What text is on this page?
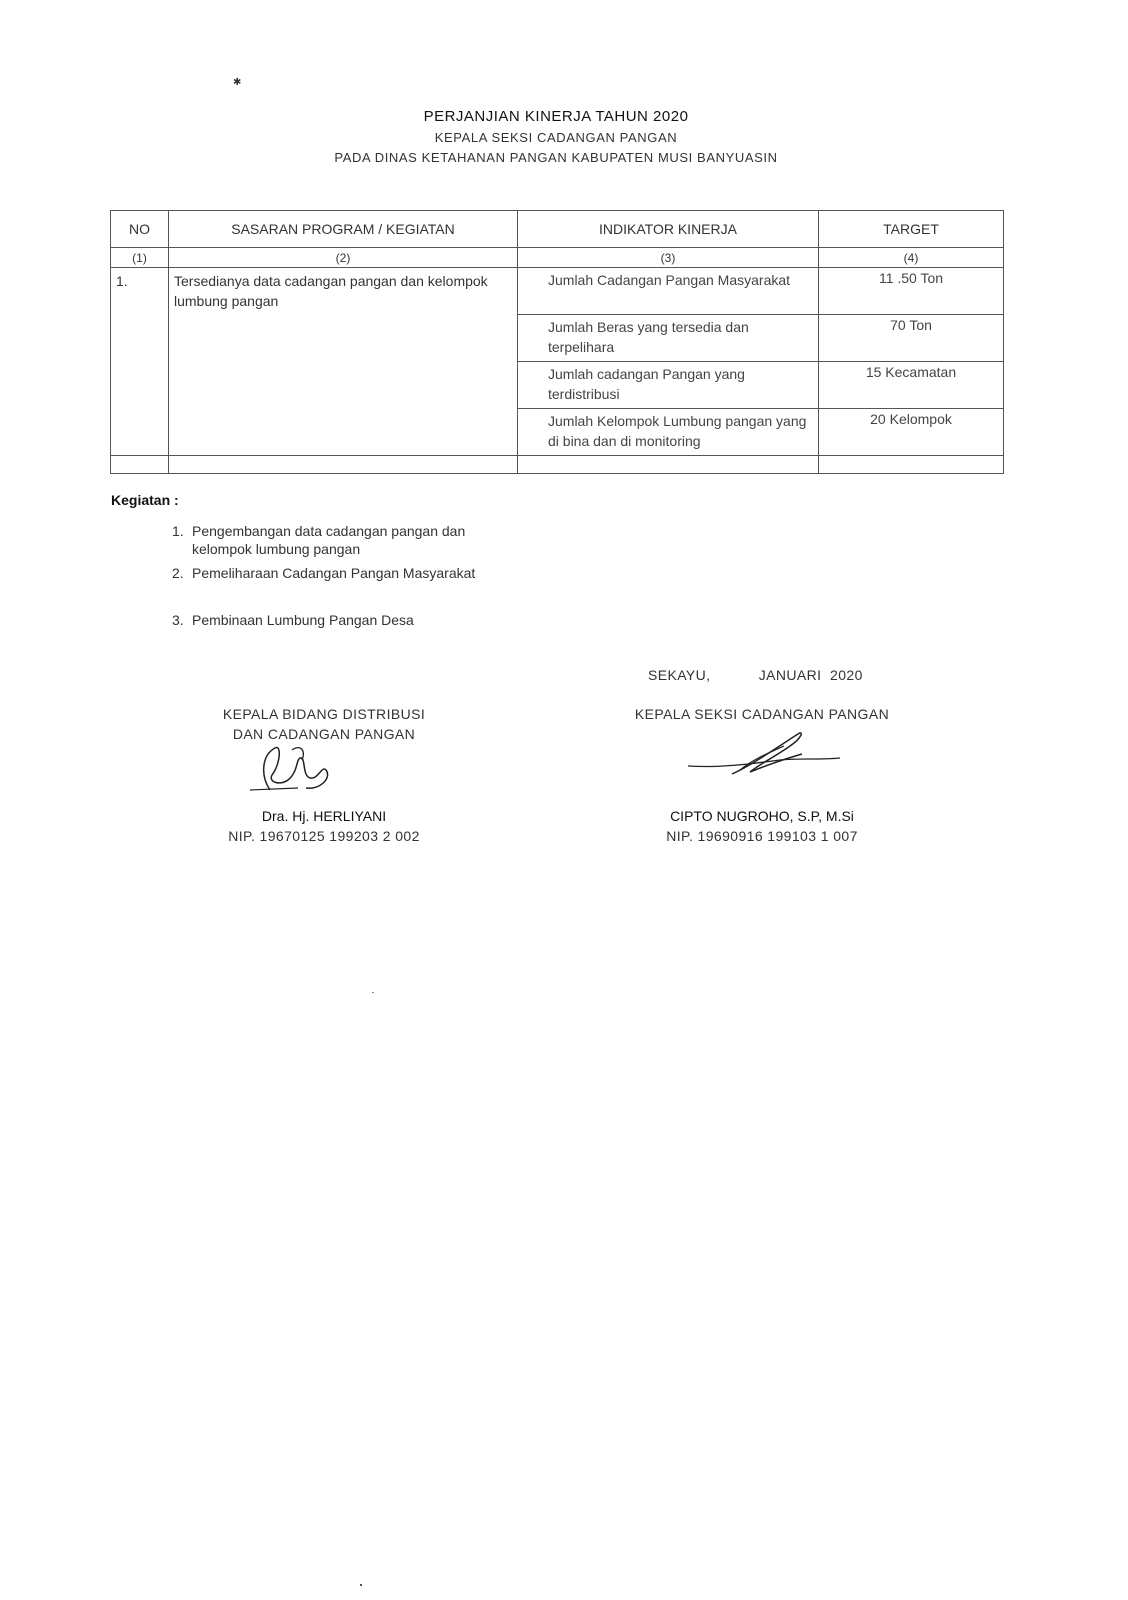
✱
PERJANJIAN KINERJA TAHUN 2020
KEPALA SEKSI CADANGAN PANGAN
PADA DINAS KETAHANAN PANGAN KABUPATEN MUSI BANYUASIN
NO	SASARAN PROGRAM / KEGIATAN	INDIKATOR KINERJA	TARGET
(1)	(2)	(3)	(4)

1.	Tersedianya data cadangan pangan dan kelompok lumbung pangan	Jumlah Cadangan Pangan Masyarakat	11 .50 Ton

		Jumlah Beras yang tersedia dan terpelihara	70 Ton

		Jumlah cadangan Pangan yang terdistribusi	15 Kecamatan

		Jumlah Kelompok Lumbung pangan yang di bina dan di monitoring	20 Kelompok

Kegiatan :
1. Pengembangan data cadangan pangan dan
kelompok lumbung pangan
2. Pemeliharaan Cadangan Pangan Masyarakat
3. Pembinaan Lumbung Pangan Desa
SEKAYU,	JANUARI  2020
KEPALA BIDANG DISTRIBUSI
DAN CADANGAN PANGAN
Dra. Hj. HERLIYANI
NIP. 19670125 199203 2 002
KEPALA SEKSI CADANGAN PANGAN
CIPTO NUGROHO, S.P, M.Si
NIP. 19690916 199103 1 007
